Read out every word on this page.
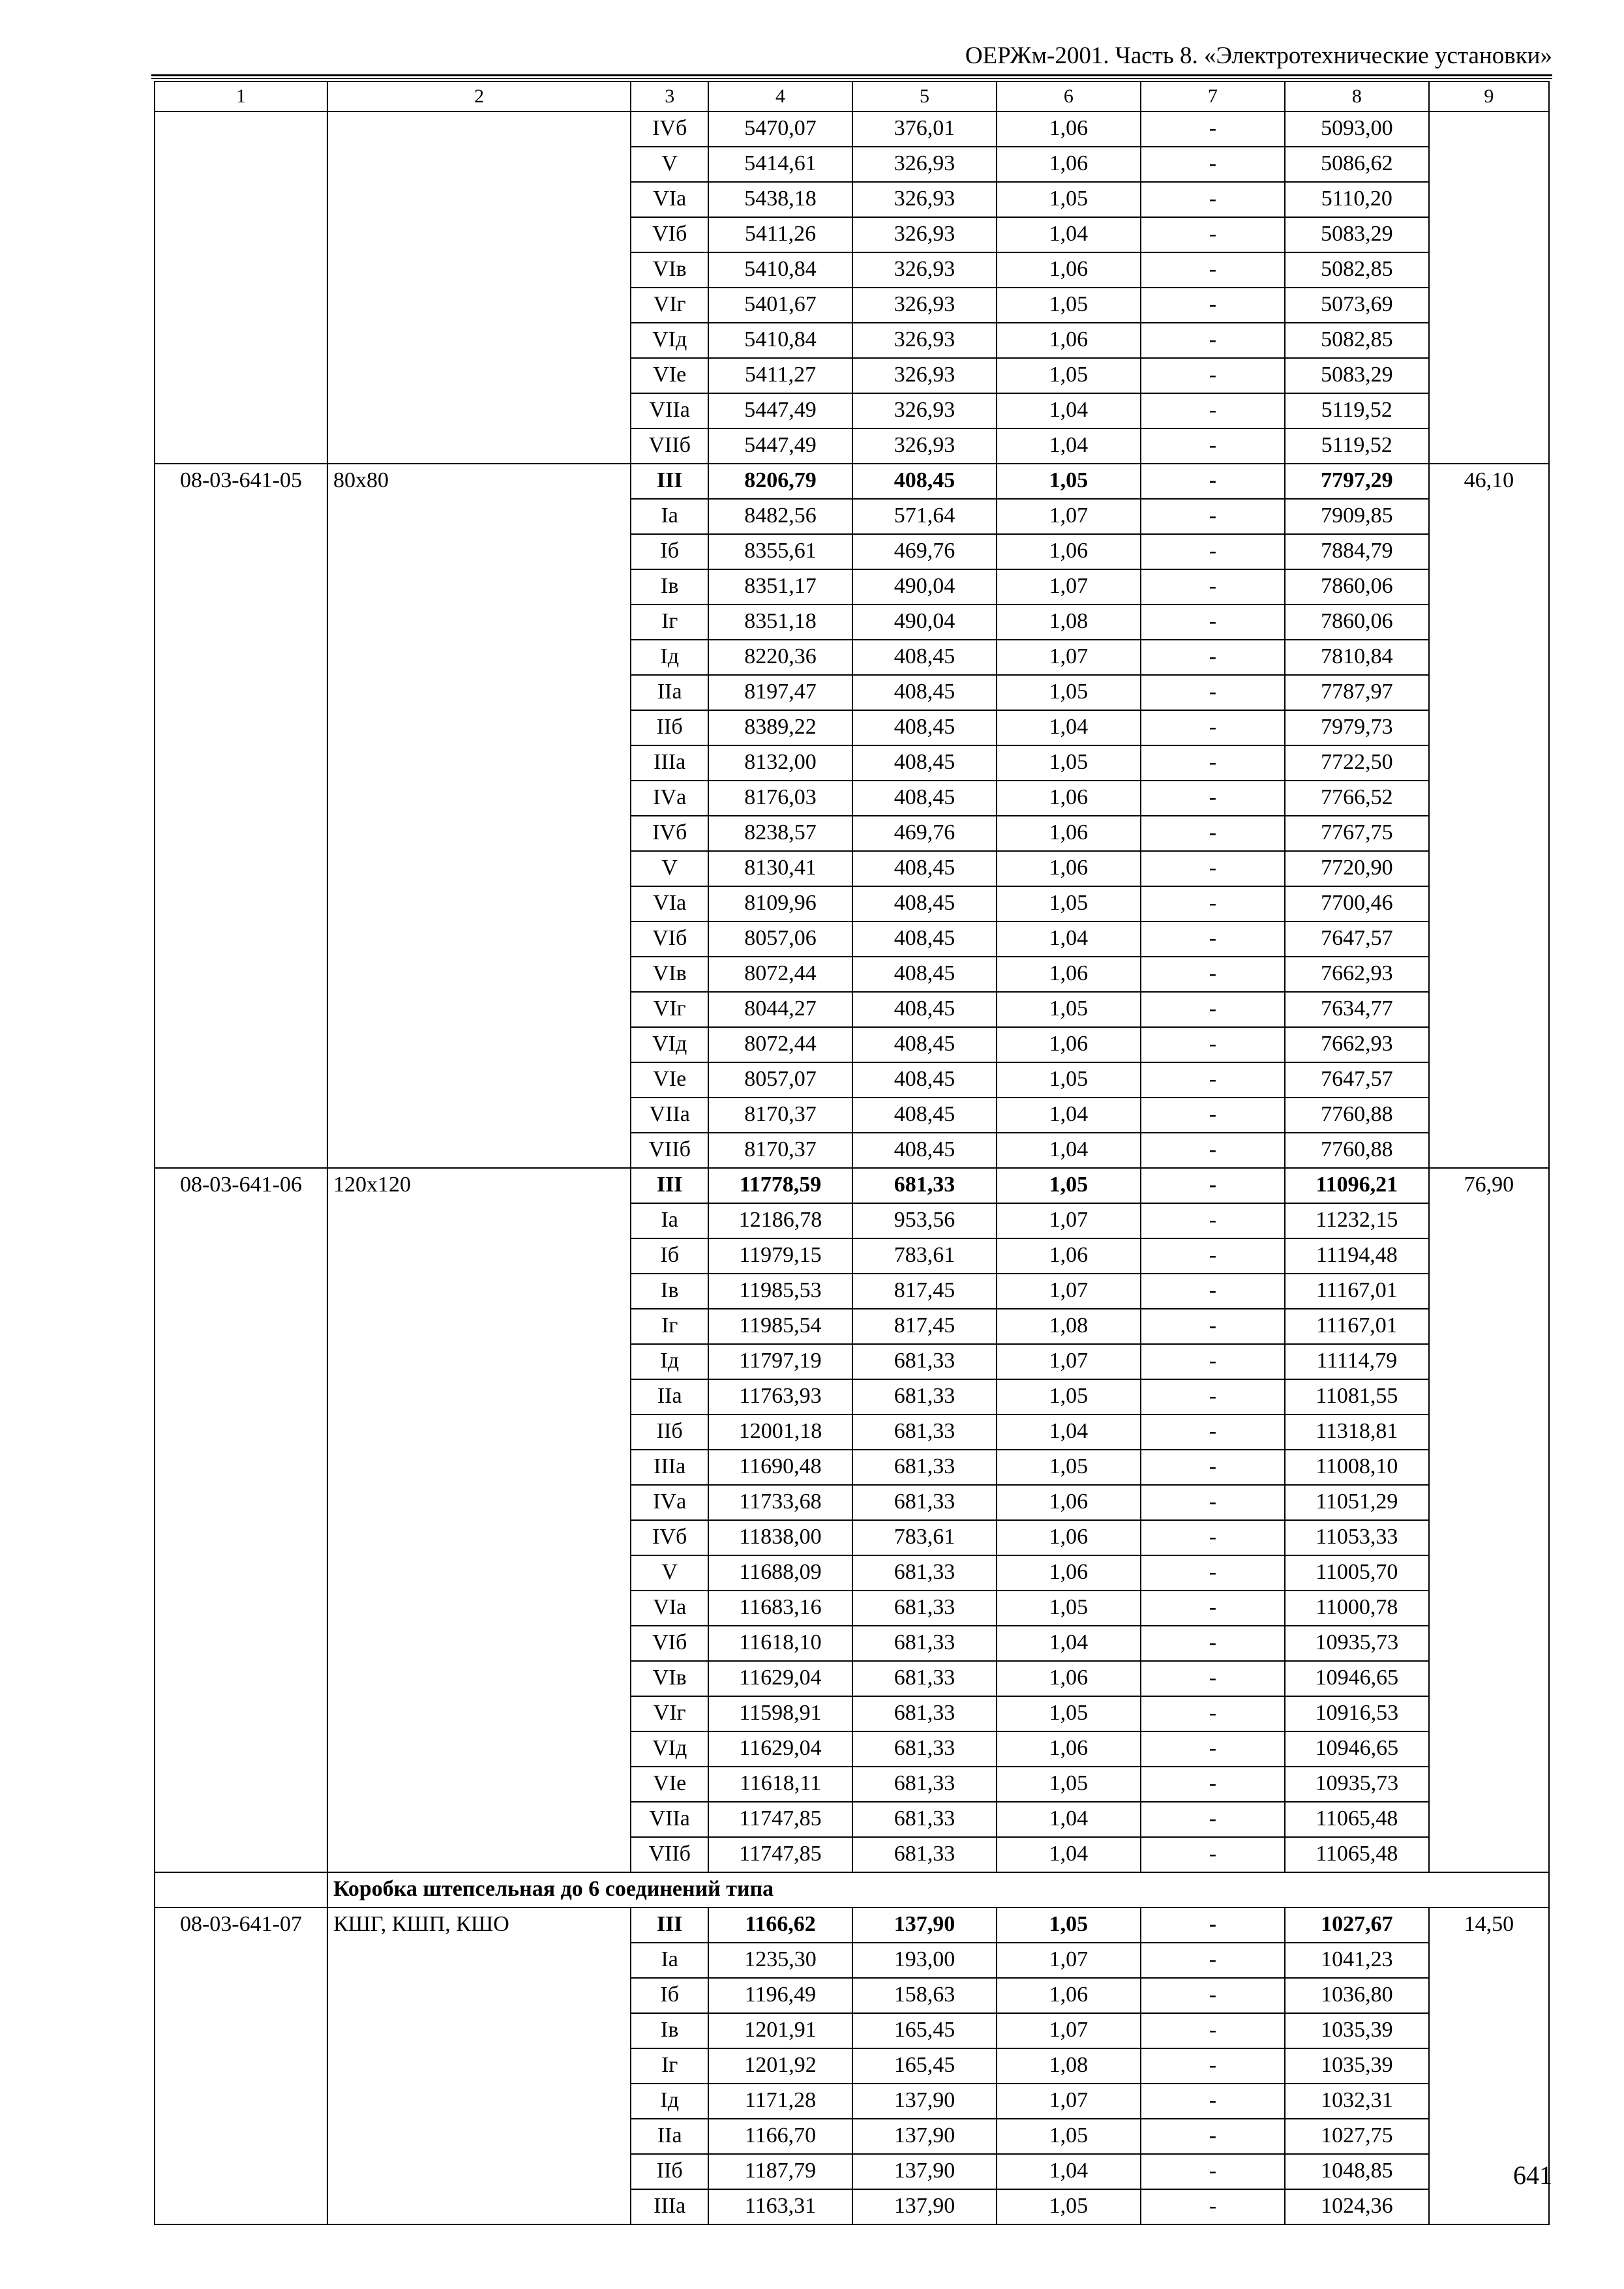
ОЕРЖм-2001. Часть 8. «Электротехнические установки»
1	2	3	4	5	6	7	8	9
		IVб	5470,07	376,01	1,06	-	5093,00	
		V	5414,61	326,93	1,06	-	5086,62	
		VIа	5438,18	326,93	1,05	-	5110,20	
		VIб	5411,26	326,93	1,04	-	5083,29	
		VIв	5410,84	326,93	1,06	-	5082,85	
		VIг	5401,67	326,93	1,05	-	5073,69	
		VIд	5410,84	326,93	1,06	-	5082,85	
		VIе	5411,27	326,93	1,05	-	5083,29	
		VIIа	5447,49	326,93	1,04	-	5119,52	
		VIIб	5447,49	326,93	1,04	-	5119,52	
08-03-641-05	80x80	III	8206,79	408,45	1,05	-	7797,29	46,10
		Iа	8482,56	571,64	1,07	-	7909,85	
		Iб	8355,61	469,76	1,06	-	7884,79	
		Iв	8351,17	490,04	1,07	-	7860,06	
		Iг	8351,18	490,04	1,08	-	7860,06	
		Iд	8220,36	408,45	1,07	-	7810,84	
		IIа	8197,47	408,45	1,05	-	7787,97	
		IIб	8389,22	408,45	1,04	-	7979,73	
		IIIа	8132,00	408,45	1,05	-	7722,50	
		IVа	8176,03	408,45	1,06	-	7766,52	
		IVб	8238,57	469,76	1,06	-	7767,75	
		V	8130,41	408,45	1,06	-	7720,90	
		VIа	8109,96	408,45	1,05	-	7700,46	
		VIб	8057,06	408,45	1,04	-	7647,57	
		VIв	8072,44	408,45	1,06	-	7662,93	
		VIг	8044,27	408,45	1,05	-	7634,77	
		VIд	8072,44	408,45	1,06	-	7662,93	
		VIе	8057,07	408,45	1,05	-	7647,57	
		VIIа	8170,37	408,45	1,04	-	7760,88	
		VIIб	8170,37	408,45	1,04	-	7760,88	
08-03-641-06	120x120	III	11778,59	681,33	1,05	-	11096,21	76,90
		Iа	12186,78	953,56	1,07	-	11232,15	
		Iб	11979,15	783,61	1,06	-	11194,48	
		Iв	11985,53	817,45	1,07	-	11167,01	
		Iг	11985,54	817,45	1,08	-	11167,01	
		Iд	11797,19	681,33	1,07	-	11114,79	
		IIа	11763,93	681,33	1,05	-	11081,55	
		IIб	12001,18	681,33	1,04	-	11318,81	
		IIIа	11690,48	681,33	1,05	-	11008,10	
		IVа	11733,68	681,33	1,06	-	11051,29	
		IVб	11838,00	783,61	1,06	-	11053,33	
		V	11688,09	681,33	1,06	-	11005,70	
		VIа	11683,16	681,33	1,05	-	11000,78	
		VIб	11618,10	681,33	1,04	-	10935,73	
		VIв	11629,04	681,33	1,06	-	10946,65	
		VIг	11598,91	681,33	1,05	-	10916,53	
		VIд	11629,04	681,33	1,06	-	10946,65	
		VIе	11618,11	681,33	1,05	-	10935,73	
		VIIа	11747,85	681,33	1,04	-	11065,48	
		VIIб	11747,85	681,33	1,04	-	11065,48	
	Коробка штепсельная до 6 соединений типа							
08-03-641-07	КШГ, КШП, КШО	III	1166,62	137,90	1,05	-	1027,67	14,50
		Iа	1235,30	193,00	1,07	-	1041,23	
		Iб	1196,49	158,63	1,06	-	1036,80	
		Iв	1201,91	165,45	1,07	-	1035,39	
		Iг	1201,92	165,45	1,08	-	1035,39	
		Iд	1171,28	137,90	1,07	-	1032,31	
		IIа	1166,70	137,90	1,05	-	1027,75	
		IIб	1187,79	137,90	1,04	-	1048,85	
		IIIа	1163,31	137,90	1,05	-	1024,36	
641
